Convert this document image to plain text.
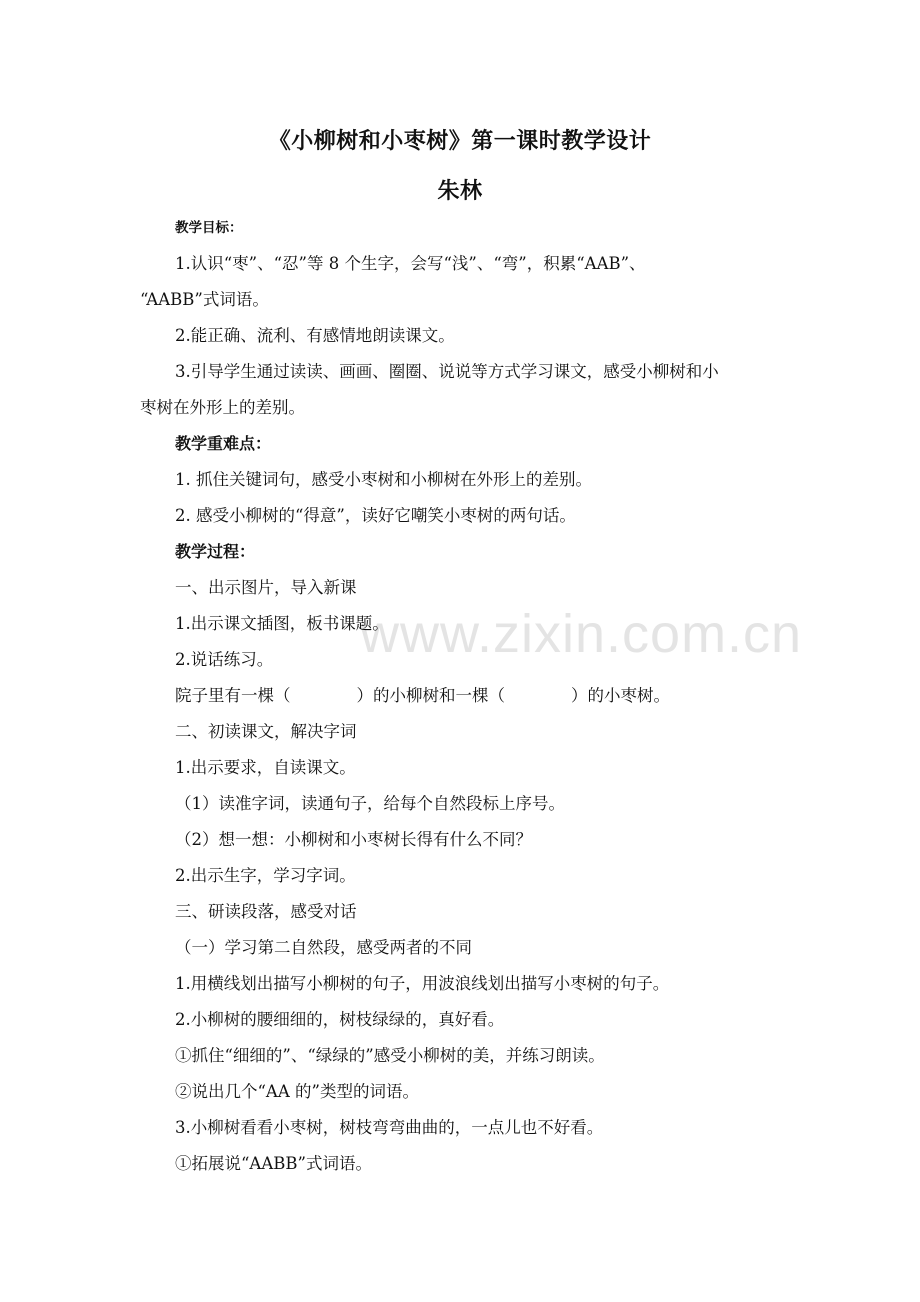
www.zixin.com.cn
《小柳树和小枣树》第一课时教学设计
朱林
教学目标：
1.认识“枣”、“忍”等 8 个生字，会写“浅”、“弯”，积累“AAB”、
“AABB”式词语。
2.能正确、流利、有感情地朗读课文。
3.引导学生通过读读、画画、圈圈、说说等方式学习课文，感受小柳树和小
枣树在外形上的差别。
教学重难点：
1. 抓住关键词句，感受小枣树和小柳树在外形上的差别。
2. 感受小柳树的“得意”，读好它嘲笑小枣树的两句话。
教学过程：
一、出示图片，导入新课
1.出示课文插图，板书课题。
2.说话练习。
院子里有一棵（　　　　）的小柳树和一棵（　　　　）的小枣树。
二、初读课文，解决字词
1.出示要求，自读课文。
（1）读准字词，读通句子，给每个自然段标上序号。
（2）想一想：小柳树和小枣树长得有什么不同？
2.出示生字，学习字词。
三、研读段落，感受对话
（一）学习第二自然段，感受两者的不同
1.用横线划出描写小柳树的句子，用波浪线划出描写小枣树的句子。
2.小柳树的腰细细的，树枝绿绿的，真好看。
①抓住“细细的”、“绿绿的”感受小柳树的美，并练习朗读。
②说出几个“AA 的”类型的词语。
3.小柳树看看小枣树，树枝弯弯曲曲的，一点儿也不好看。
①拓展说“AABB”式词语。
